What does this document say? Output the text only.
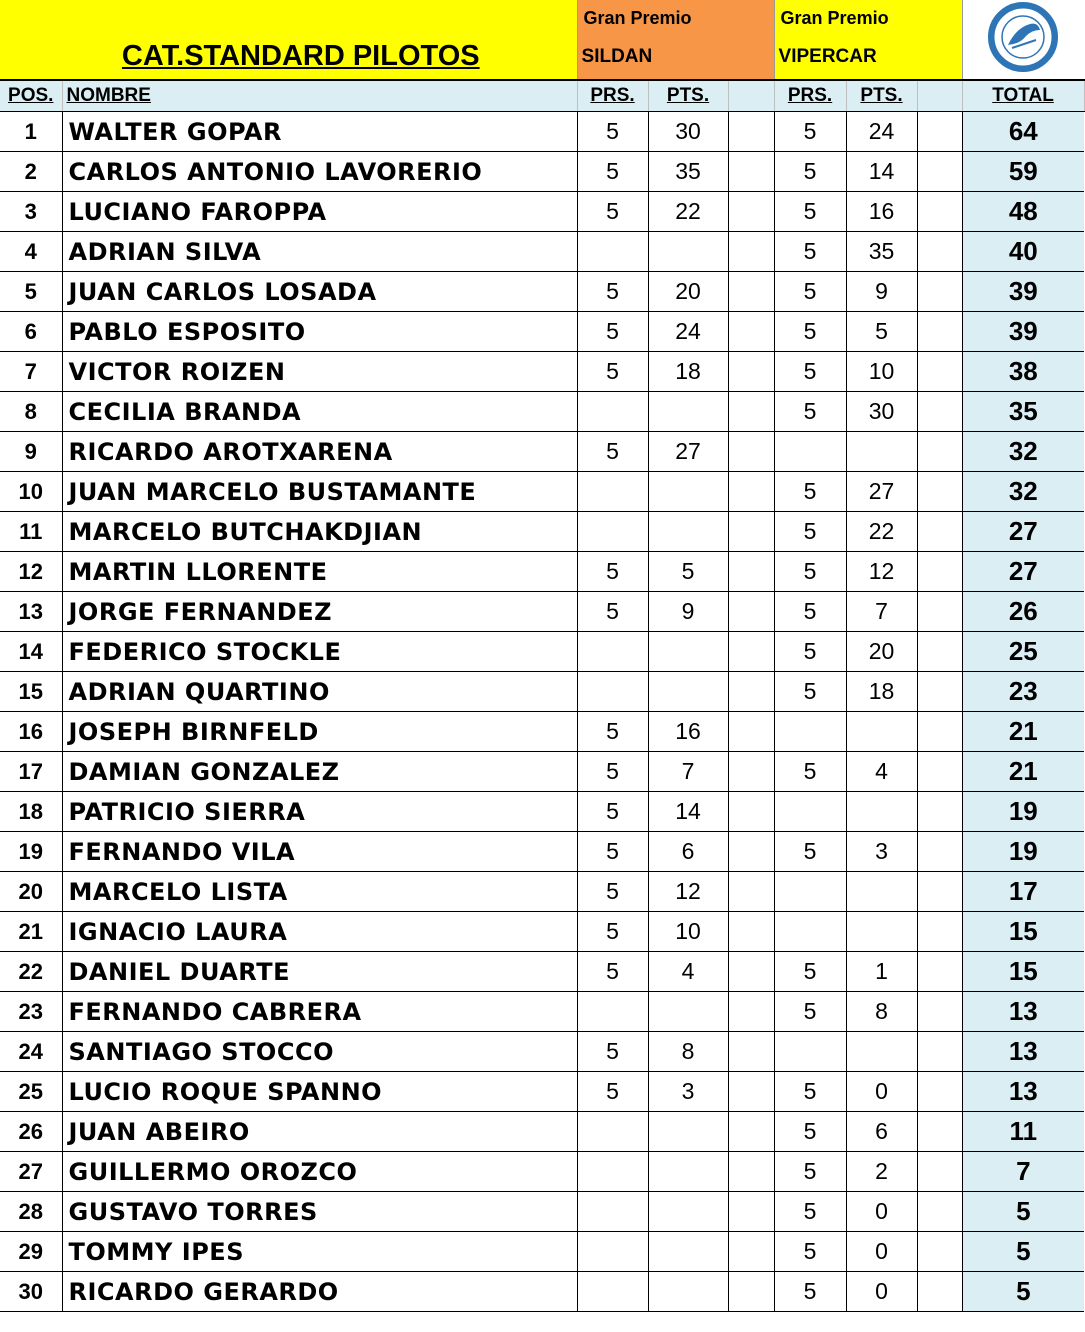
CAT.STANDARD PILOTOS		Gran Premio
SILDAN			Gran Premio
VIPERCAR

POS.	NOMBRE	PRS.	PTS.		PRS.	PTS.		TOTAL
1	WALTER GOPAR	5	30		5	24		64
2	CARLOS ANTONIO LAVORERIO	5	35		5	14		59
3	LUCIANO FAROPPA	5	22		5	16		48
4	ADRIAN SILVA				5	35		40
5	JUAN CARLOS LOSADA	5	20		5	9		39
6	PABLO ESPOSITO	5	24		5	5		39
7	VICTOR ROIZEN	5	18		5	10		38
8	CECILIA BRANDA				5	30		35
9	RICARDO AROTXARENA	5	27					32
10	JUAN MARCELO BUSTAMANTE				5	27		32
11	MARCELO BUTCHAKDJIAN				5	22		27
12	MARTIN LLORENTE	5	5		5	12		27
13	JORGE FERNANDEZ	5	9		5	7		26
14	FEDERICO STOCKLE				5	20		25
15	ADRIAN QUARTINO				5	18		23
16	JOSEPH BIRNFELD	5	16					21
17	DAMIAN GONZALEZ	5	7		5	4		21
18	PATRICIO SIERRA	5	14					19
19	FERNANDO VILA	5	6		5	3		19
20	MARCELO LISTA	5	12					17
21	IGNACIO LAURA	5	10					15
22	DANIEL DUARTE	5	4		5	1		15
23	FERNANDO CABRERA				5	8		13
24	SANTIAGO STOCCO	5	8					13
25	LUCIO ROQUE SPANNO	5	3		5	0		13
26	JUAN ABEIRO				5	6		11
27	GUILLERMO OROZCO				5	2		7
28	GUSTAVO TORRES				5	0		5
29	TOMMY IPES				5	0		5
30	RICARDO GERARDO				5	0		5
